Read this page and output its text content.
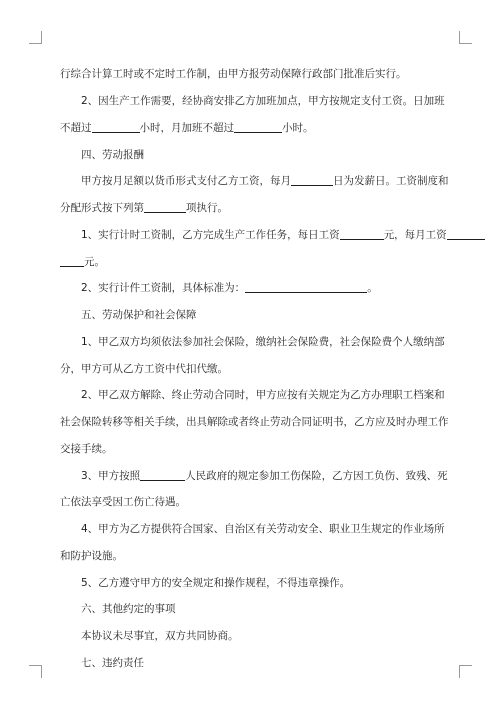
行综合计算工时或不定时工作制，由甲方报劳动保障行政部门批准后实行。
2、因生产工作需要，经协商安排乙方加班加点，甲方按规定支付工资。日加班
不超过	小时，月加班不超过	小时。
四、劳动报酬
甲方按月足额以货币形式支付乙方工资，每月	日为发薪日。工资制度和
分配形式按下列第	项执行。
1、实行计时工资制，乙方完成生产工作任务，每日工资	元，每月工资
元。
2、实行计件工资制，具体标准为：	。
五、劳动保护和社会保障
1、甲乙双方均须依法参加社会保险，缴纳社会保险费，社会保险费个人缴纳部
分，甲方可从乙方工资中代扣代缴。
2、甲乙双方解除、终止劳动合同时，甲方应按有关规定为乙方办理职工档案和
社会保险转移等相关手续，出具解除或者终止劳动合同证明书，乙方应及时办理工作
交接手续。
3、甲方按照	人民政府的规定参加工伤保险，乙方因工负伤、致残、死
亡依法享受因工伤亡待遇。
4、甲方为乙方提供符合国家、自治区有关劳动安全、职业卫生规定的作业场所
和防护设施。
5、乙方遵守甲方的安全规定和操作规程，不得违章操作。
六、其他约定的事项
本协议未尽事宜，双方共同协商。
七、违约责任
